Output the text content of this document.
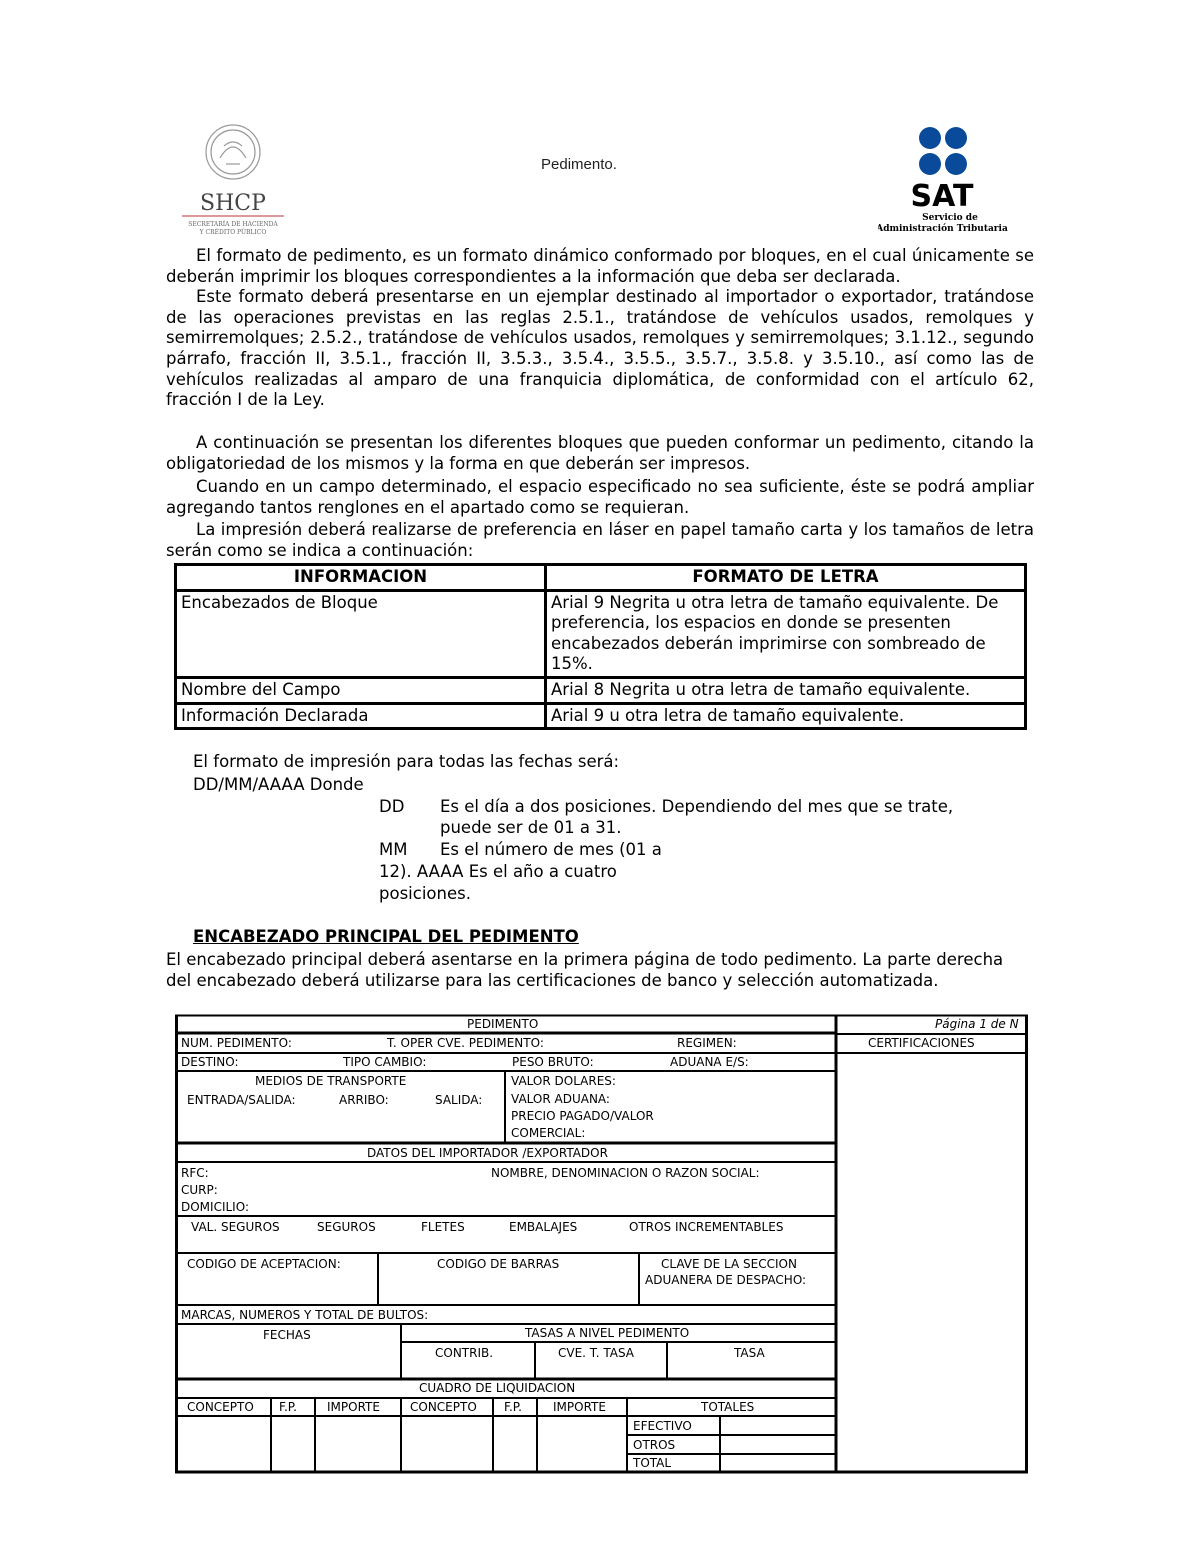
SHCP
SECRETARÍA DE HACIENDA
Y CRÉDITO PÚBLICO
Pedimento.
SAT
Servicio de
Administración Tributaria

El formato de pedimento, es un formato dinámico conformado por bloques, en el cual únicamente se deberán imprimir los bloques correspondientes a la información que deba ser declarada.

Este formato deberá presentarse en un ejemplar destinado al importador o exportador, tratándose de las operaciones previstas en las reglas 2.5.1., tratándose de vehículos usados, remolques y semirremolques; 2.5.2., tratándose de vehículos usados, remolques y semirremolques; 3.1.12., segundo párrafo, fracción II, 3.5.1., fracción II, 3.5.3., 3.5.4., 3.5.5., 3.5.7., 3.5.8. y 3.5.10., así como las de vehículos realizadas al amparo de una franquicia diplomática, de conformidad con el artículo 62, fracción I de la Ley.

A continuación se presentan los diferentes bloques que pueden conformar un pedimento, citando la obligatoriedad de los mismos y la forma en que deberán ser impresos.

Cuando en un campo determinado, el espacio especificado no sea suficiente, éste se podrá ampliar agregando tantos renglones en el apartado como se requieran.

La impresión deberá realizarse de preferencia en láser en papel tamaño carta y los tamaños de letra serán como se indica a continuación:

INFORMACION	FORMATO DE LETRA
Encabezados de Bloque	Arial 9 Negrita u otra letra de tamaño equivalente. De preferencia, los espacios en donde se presenten encabezados deberán imprimirse con sombreado de 15%.
Nombre del Campo	Arial 8 Negrita u otra letra de tamaño equivalente.
Información Declarada	Arial 9 u otra letra de tamaño equivalente.
El formato de impresión para todas las fechas será:
DD/MM/AAAA Donde
DD Es el día a dos posiciones. Dependiendo del mes que se trate,
puede ser de 01 a 31.
MM Es el número de mes (01 a
12). AAAA Es el año a cuatro
posiciones.
ENCABEZADO PRINCIPAL DEL PEDIMENTO

El encabezado principal deberá asentarse en la primera página de todo pedimento. La parte derecha del encabezado deberá utilizarse para las certificaciones de banco y selección automatizada.

PEDIMENTO	Página 1 de N
NUM. PEDIMENTO:	T. OPER CVE. PEDIMENTO:	REGIMEN:	CERTIFICACIONES
DESTINO:	TIPO CAMBIO:	PESO BRUTO:	ADUANA E/S:
MEDIOS DE TRANSPORTE
ENTRADA/SALIDA:	ARRIBO:	SALIDA:
VALOR DOLARES:
VALOR ADUANA:
PRECIO PAGADO/VALOR
COMERCIAL:
DATOS DEL IMPORTADOR /EXPORTADOR
RFC:	NOMBRE, DENOMINACION O RAZON SOCIAL:
CURP:
DOMICILIO:
VAL. SEGUROS	SEGUROS	FLETES	EMBALAJES	OTROS INCREMENTABLES
CODIGO DE ACEPTACION:	CODIGO DE BARRAS	CLAVE DE LA SECCION
ADUANERA DE DESPACHO:
MARCAS, NUMEROS Y TOTAL DE BULTOS:
FECHAS	TASAS A NIVEL PEDIMENTO
CONTRIB.	CVE. T. TASA	TASA
CUADRO DE LIQUIDACION
CONCEPTO F.P.	IMPORTE	CONCEPTO F.P.	IMPORTE	TOTALES
EFECTIVO
OTROS
TOTAL
